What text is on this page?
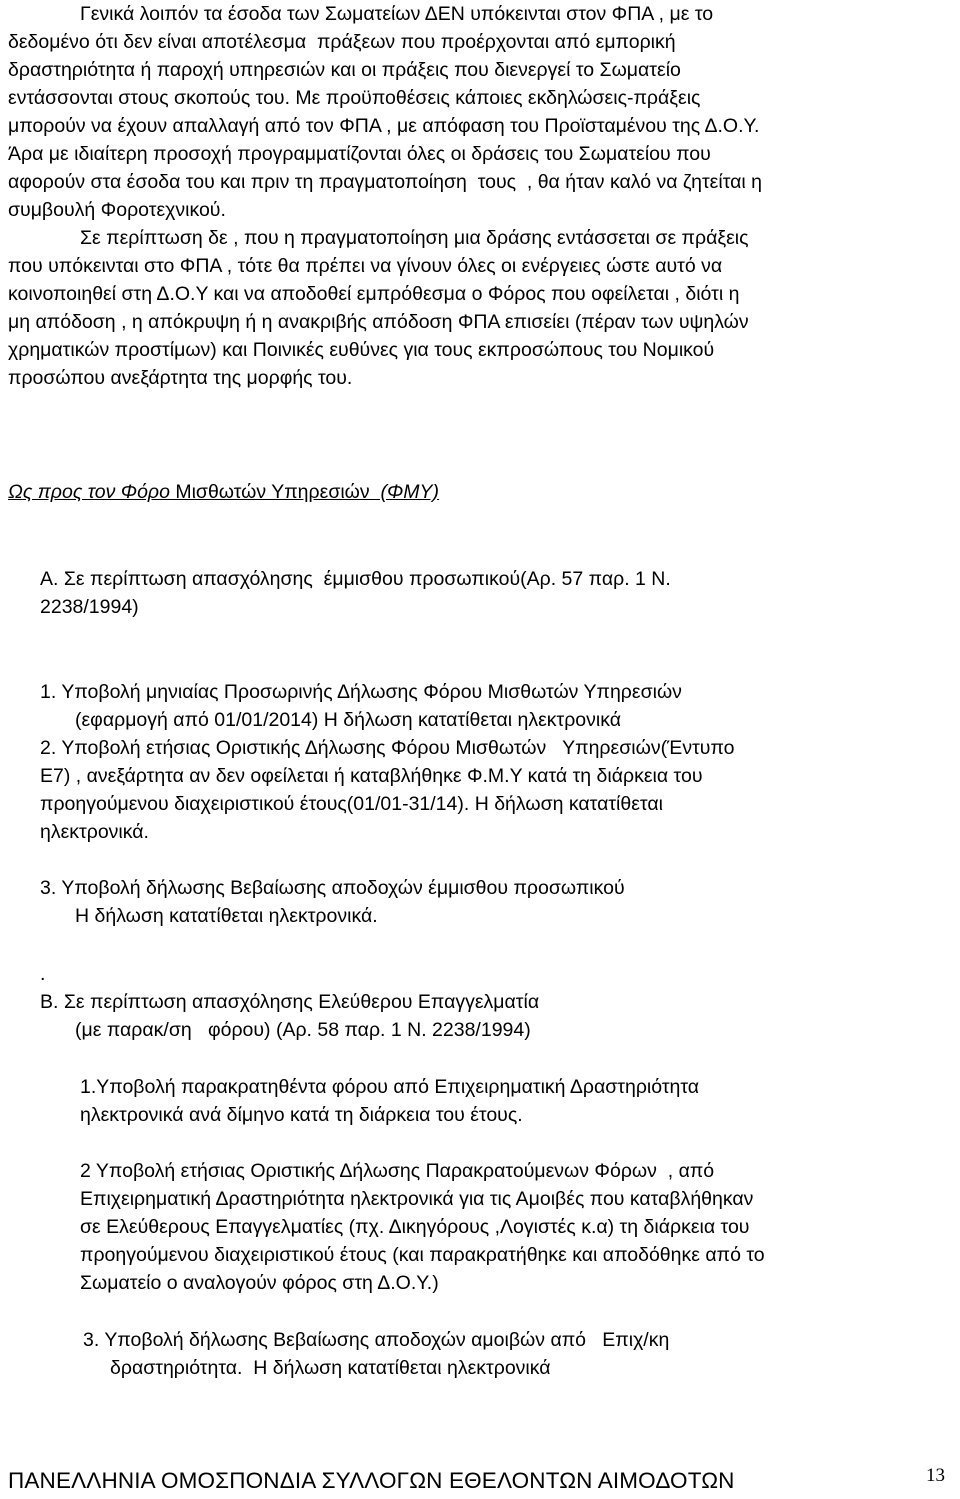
Γενικά λοιπόν τα έσοδα των Σωματείων ΔΕΝ υπόκεινται στον ΦΠΑ , με το
δεδομένο ότι δεν είναι αποτέλεσμα  πράξεων που προέρχονται από εμπορική
δραστηριότητα ή παροχή υπηρεσιών και οι πράξεις που διενεργεί το Σωματείο
εντάσσονται στους σκοπούς του. Με προϋποθέσεις κάποιες εκδηλώσεις-πράξεις
μπορούν να έχουν απαλλαγή από τον ΦΠΑ , με απόφαση του Προϊσταμένου της Δ.Ο.Υ.
Άρα με ιδιαίτερη προσοχή προγραμματίζονται όλες οι δράσεις του Σωματείου που
αφορούν στα έσοδα του και πριν τη πραγματοποίηση  τους  , θα ήταν καλό να ζητείται η
συμβουλή Φοροτεχνικού.
Σε περίπτωση δε , που η πραγματοποίηση μια δράσης εντάσσεται σε πράξεις
που υπόκεινται στο ΦΠΑ , τότε θα πρέπει να γίνουν όλες οι ενέργειες ώστε αυτό να
κοινοποιηθεί στη Δ.Ο.Υ και να αποδοθεί εμπρόθεσμα ο Φόρος που οφείλεται , διότι η
μη απόδοση , η απόκρυψη ή η ανακριβής απόδοση ΦΠΑ επισείει (πέραν των υψηλών
χρηματικών προστίμων) και Ποινικές ευθύνες για τους εκπροσώπους του Νομικού
προσώπου ανεξάρτητα της μορφής του.
Ως προς τον Φόρο Μισθωτών Υπηρεσιών  (ΦΜΥ)
Α. Σε περίπτωση απασχόλησης  έμμισθου προσωπικού(Αρ. 57 παρ. 1 Ν.
2238/1994)
1. Υποβολή μηνιαίας Προσωρινής Δήλωσης Φόρου Μισθωτών Υπηρεσιών
(εφαρμογή από 01/01/2014) Η δήλωση κατατίθεται ηλεκτρονικά
2. Υποβολή ετήσιας Οριστικής Δήλωσης Φόρου Μισθωτών   Υπηρεσιών(Έντυπο
Ε7) , ανεξάρτητα αν δεν οφείλεται ή καταβλήθηκε Φ.Μ.Υ κατά τη διάρκεια του
προηγούμενου διαχειριστικού έτους(01/01-31/14). Η δήλωση κατατίθεται
ηλεκτρονικά.
3. Υποβολή δήλωσης Βεβαίωσης αποδοχών έμμισθου προσωπικού
Η δήλωση κατατίθεται ηλεκτρονικά.
.
Β. Σε περίπτωση απασχόλησης Ελεύθερου Επαγγελματία
(με παρακ/ση   φόρου) (Αρ. 58 παρ. 1 Ν. 2238/1994)
1.Υποβολή παρακρατηθέντα φόρου από Επιχειρηματική Δραστηριότητα
ηλεκτρονικά ανά δίμηνο κατά τη διάρκεια του έτους.
2 Υποβολή ετήσιας Οριστικής Δήλωσης Παρακρατούμενων Φόρων  , από
Επιχειρηματική Δραστηριότητα ηλεκτρονικά για τις Αμοιβές που καταβλήθηκαν
σε Ελεύθερους Επαγγελματίες (πχ. Δικηγόρους ,Λογιστές κ.α) τη διάρκεια του
προηγούμενου διαχειριστικού έτους (και παρακρατήθηκε και αποδόθηκε από το
Σωματείο ο αναλογούν φόρος στη Δ.Ο.Υ.)
3. Υποβολή δήλωσης Βεβαίωσης αποδοχών αμοιβών από   Επιχ/κη
δραστηριότητα.  Η δήλωση κατατίθεται ηλεκτρονικά
ΠΑΝΕΛΛΗΝΙΑ ΟΜΟΣΠΟΝΔΙΑ ΣΥΛΛΟΓΩΝ ΕΘΕΛΟΝΤΩΝ ΑΙΜΟΔΟΤΩΝ	13
